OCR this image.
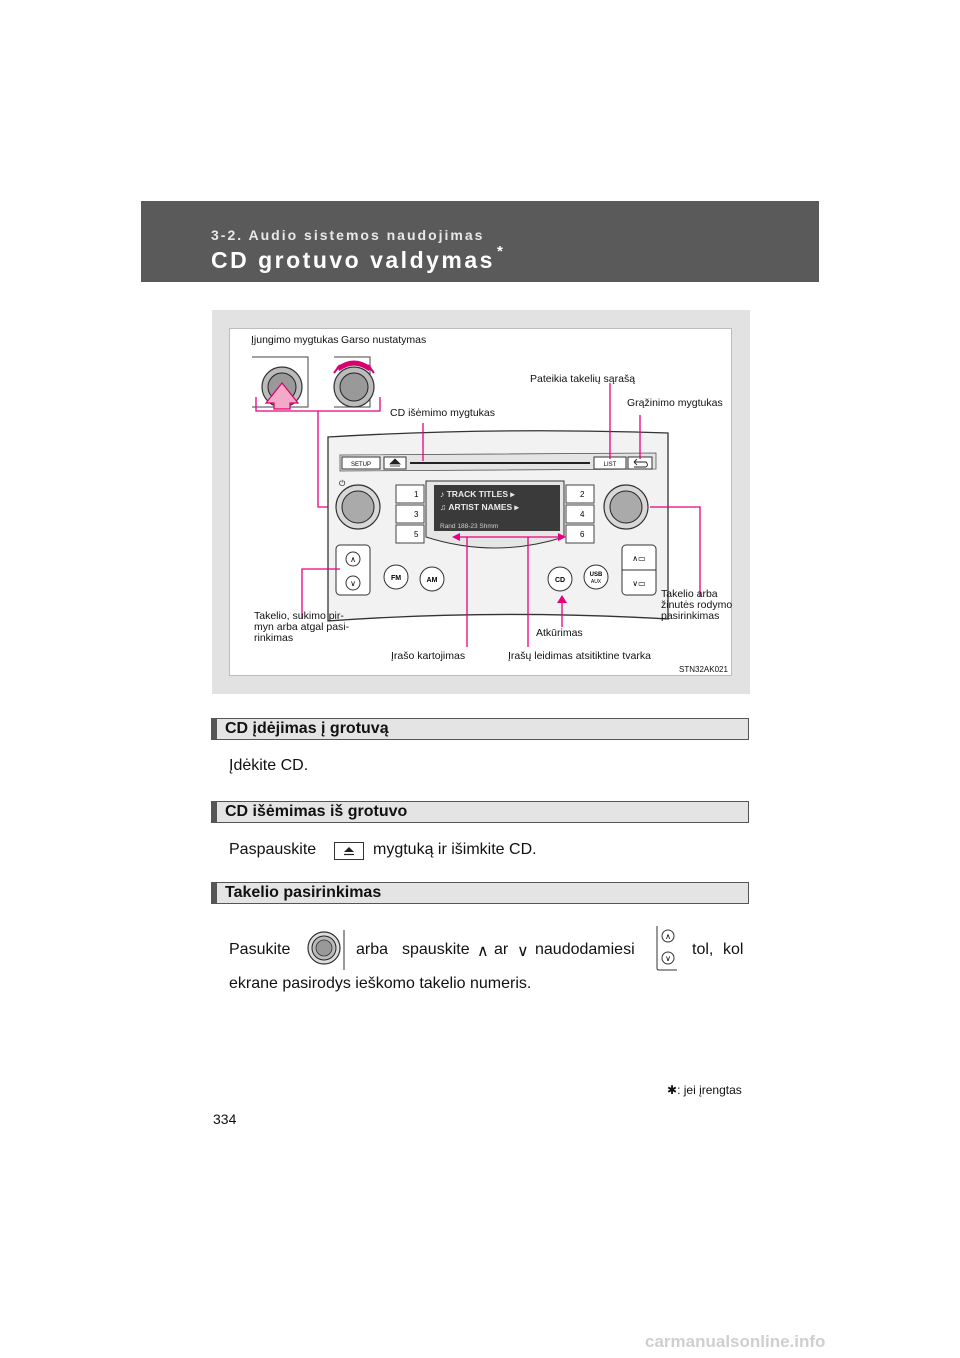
3-2. Audio sistemos naudojimas
CD grotuvo valdymas *
SETUP	LIST
⏻
1	2
3	4
5	6
♪ TRACK TITLES ▸
♫ ARTIST NAMES ▸
Rand 188-23 Shmm
∧
∨
FM	AM	CD
USB
AUX
∧▭
∨▭
Įjungimo mygtukas Garso nustatymas
Pateikia takelių sąrašą
Grąžinimo mygtukas
CD išėmimo mygtukas
Takelio, sukimo pir-
myn arba atgal pasi-
rinkimas
Takelio arba
žinutės rodymo
pasirinkimas
Atkūrimas
Įrašo kartojimas	Įrašų leidimas atsitiktine tvarka
STN32AK021
CD įdėjimas į grotuvą
Įdėkite CD.
CD išėmimas iš grotuvo
Paspauskite	mygtuką ir išimkite CD.
Takelio pasirinkimas
Pasukite	arba spauskite ∧ ar ∨ naudodamiesi
∧
∨
tol, kol
ekrane pasirodys ieškomo takelio numeris.
✱: jei įrengtas
334
carmanualsonline.info
